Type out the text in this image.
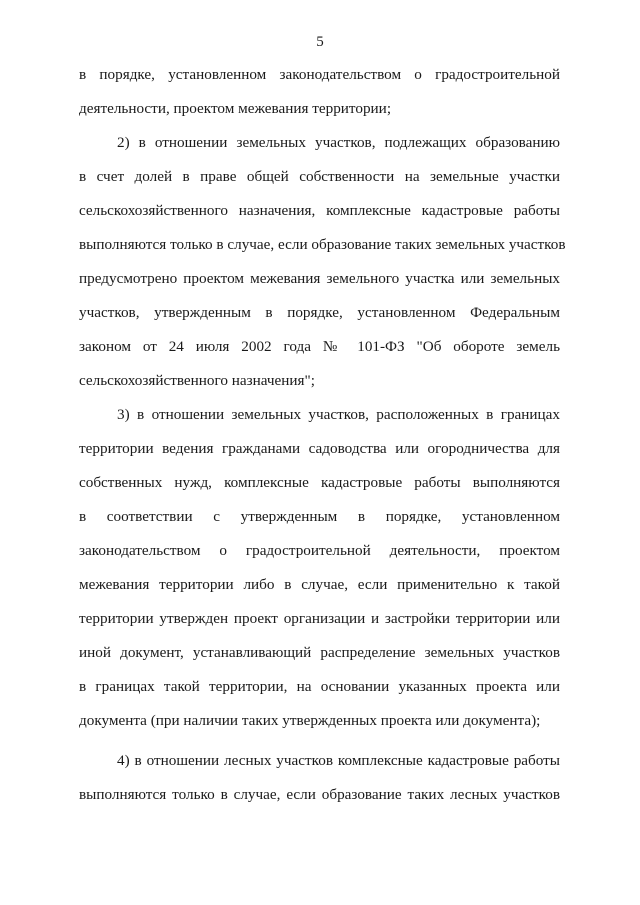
5
в порядке, установленном законодательством о градостроительной
деятельности, проектом межевания территории;
2) в отношении земельных участков, подлежащих образованию
в счет долей в праве общей собственности на земельные участки
сельскохозяйственного назначения, комплексные кадастровые работы
выполняются только в случае, если образование таких земельных участков
предусмотрено проектом межевания земельного участка или земельных
участков, утвержденным в порядке, установленном Федеральным
законом от 24 июля 2002 года № 101-ФЗ "Об обороте земель
сельскохозяйственного назначения";
3) в отношении земельных участков, расположенных в границах
территории ведения гражданами садоводства или огородничества для
собственных нужд, комплексные кадастровые работы выполняются
в соответствии с утвержденным в порядке, установленном
законодательством о градостроительной деятельности, проектом
межевания территории либо в случае, если применительно к такой
территории утвержден проект организации и застройки территории или
иной документ, устанавливающий распределение земельных участков
в границах такой территории, на основании указанных проекта или
документа (при наличии таких утвержденных проекта или документа);
4) в отношении лесных участков комплексные кадастровые работы
выполняются только в случае, если образование таких лесных участков
